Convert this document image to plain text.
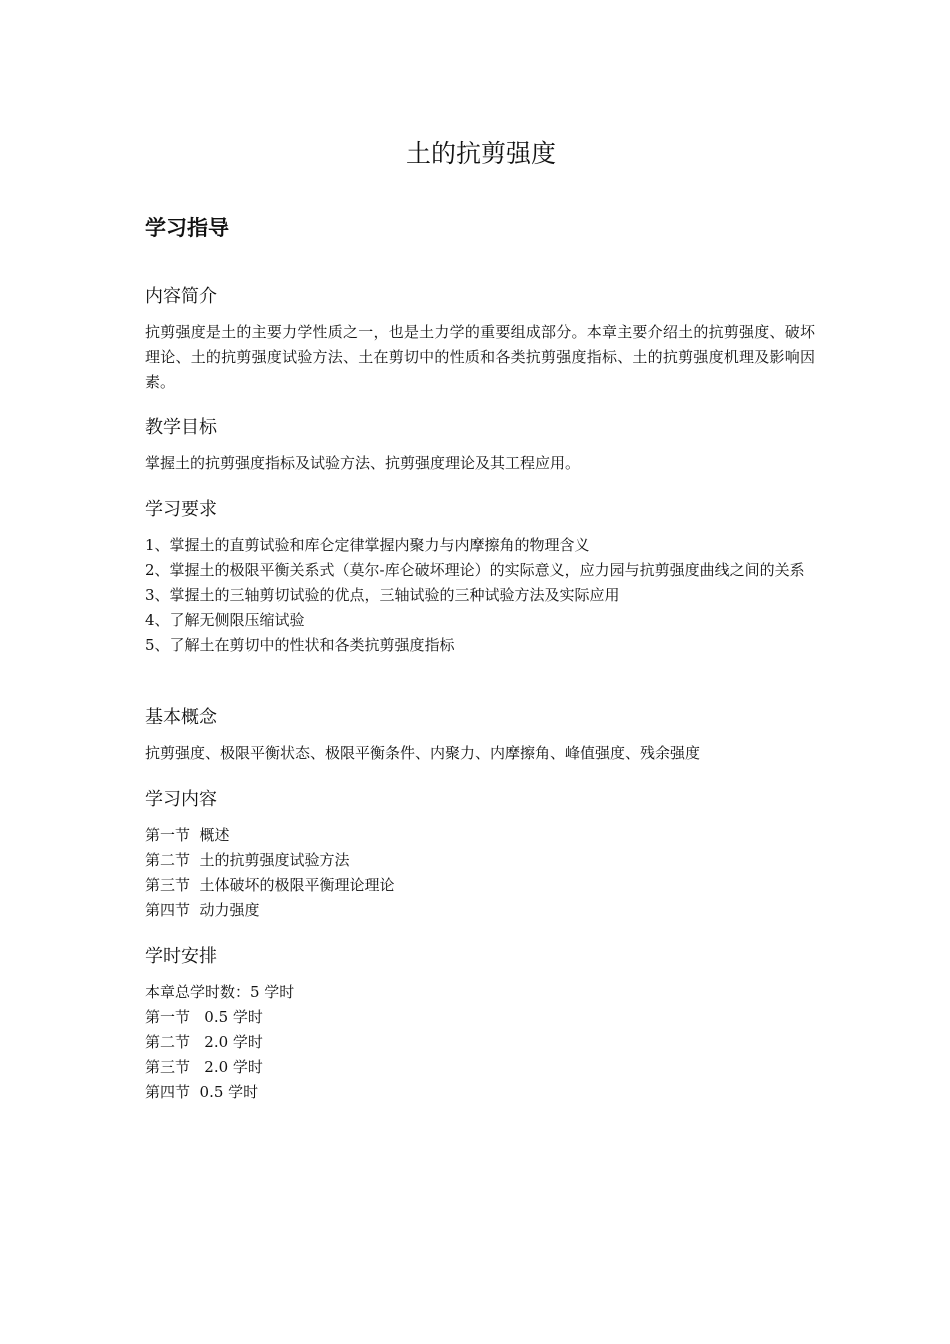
土的抗剪强度
学习指导
内容简介

抗剪强度是土的主要力学性质之一，也是土力学的重要组成部分。本章主要介绍土的抗剪强度、破坏理论、土的抗剪强度试验方法、土在剪切中的性质和各类抗剪强度指标、土的抗剪强度机理及影响因素。

教学目标

掌握土的抗剪强度指标及试验方法、抗剪强度理论及其工程应用。

学习要求

1、掌握土的直剪试验和库仑定律掌握内聚力与内摩擦角的物理含义

2、掌握土的极限平衡关系式（莫尔-库仑破坏理论）的实际意义，应力园与抗剪强度曲线之间的关系

3、掌握土的三轴剪切试验的优点，三轴试验的三种试验方法及实际应用

4、了解无侧限压缩试验

5、了解土在剪切中的性状和各类抗剪强度指标

基本概念

抗剪强度、极限平衡状态、极限平衡条件、内聚力、内摩擦角、峰值强度、残余强度

学习内容

第一节  概述

第二节  土的抗剪强度试验方法

第三节  土体破坏的极限平衡理论理论

第四节  动力强度

学时安排

本章总学时数：5 学时

第一节   0.5 学时

第二节   2.0 学时

第三节   2.0 学时

第四节  0.5 学时
